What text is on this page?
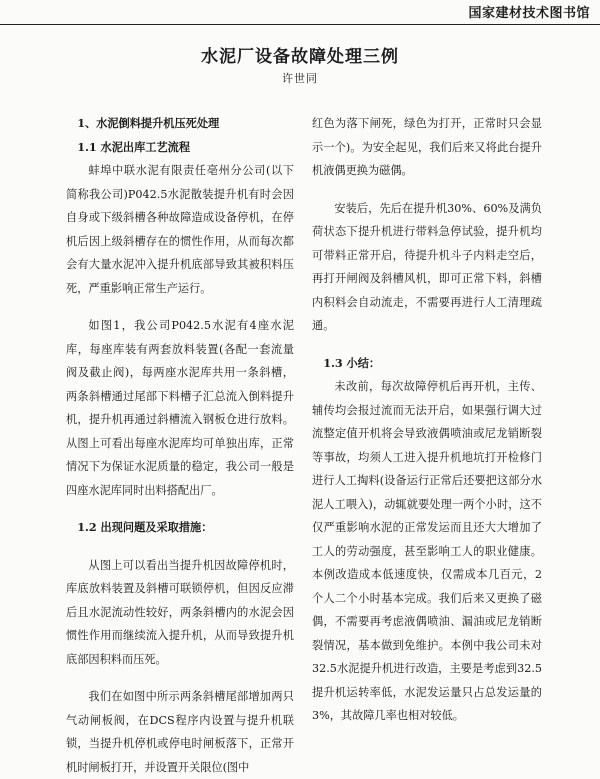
国家建材技术图书馆
水泥厂设备故障处理三例
许世同

1、水泥倒料提升机压死处理

1.1 水泥出库工艺流程

蚌埠中联水泥有限责任亳州分公司(以下简称我公司)P042.5水泥散装提升机有时会因自身或下级斜槽各种故障造成设备停机，在停机后因上级斜槽存在的惯性作用，从而每次都会有大量水泥冲入提升机底部导致其被积料压死，严重影响正常生产运行。

如图1，我公司P042.5水泥有4座水泥库，每座库装有两套放料装置(各配一套流量阀及截止阀)，每两座水泥库共用一条斜槽，两条斜槽通过尾部下料槽子汇总流入倒料提升机，提升机再通过斜槽流入钢板仓进行放料。从图上可看出每座水泥库均可单独出库，正常情况下为保证水泥质量的稳定，我公司一般是四座水泥库同时出料搭配出厂。

1.2 出现问题及采取措施：

从图上可以看出当提升机因故障停机时，库底放料装置及斜槽可联锁停机，但因反应滞后且水泥流动性较好，两条斜槽内的水泥会因惯性作用而继续流入提升机，从而导致提升机底部因积料而压死。

我们在如图中所示两条斜槽尾部增加两只气动闸板阀，在DCS程序内设置与提升机联锁，当提升机停机或停电时闸板落下，正常开机时闸板打开，并设置开关限位(图中

红色为落下闸死，绿色为打开，正常时只会显示一个)。为安全起见，我们后来又将此台提升机液偶更换为磁偶。

安装后，先后在提升机30%、60%及满负荷状态下提升机进行带料急停试验，提升机均可带料正常开启，待提升机斗子内料走空后，再打开闸阀及斜槽风机，即可正常下料，斜槽内积料会自动流走，不需要再进行人工清理疏通。

1.3 小结：

未改前，每次故障停机后再开机，主传、辅传均会报过流而无法开启，如果强行调大过流整定值开机将会导致液偶喷油或尼龙销断裂等事故，均须人工进入提升机地坑打开检修门进行人工掏料(设备运行正常后还要把这部分水泥人工喂入)，动辄就要处理一两个小时，这不仅严重影响水泥的正常发运而且还大大增加了工人的劳动强度，甚至影响工人的职业健康。本例改造成本低速度快，仅需成本几百元，2个人二个小时基本完成。我们后来又更换了磁偶，不需要再考虑液偶喷油、漏油或尼龙销断裂情况，基本做到免维护。本例中我公司未对32.5水泥提升机进行改造，主要是考虑到32.5提升机运转率低，水泥发运量只占总发运量的3%，其故障几率也相对较低。
